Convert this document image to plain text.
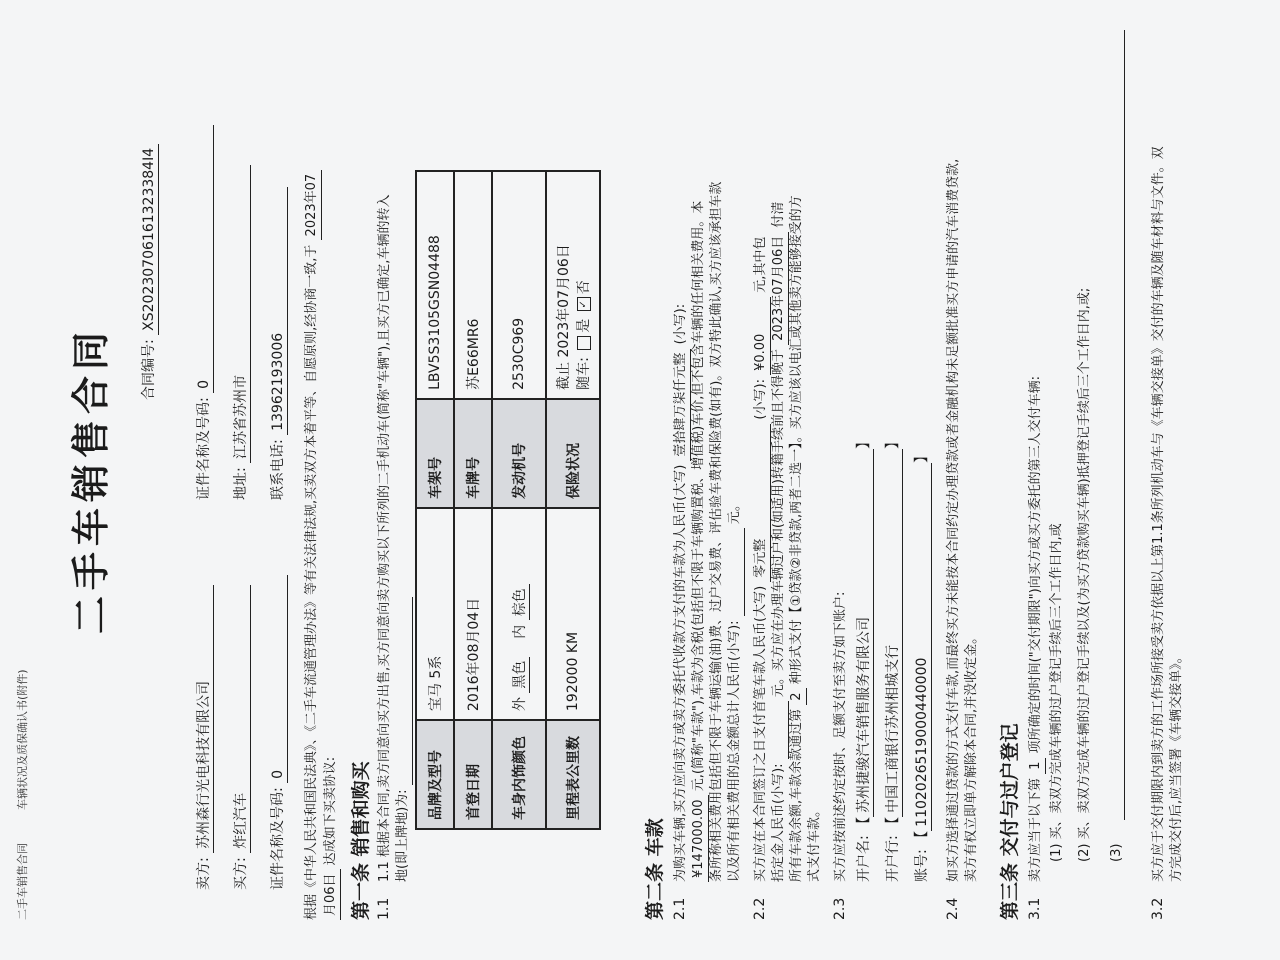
二手车销售合同
车辆状况及质保确认书(附件)
二手车销售合同 合同编号: XS20230706161323384I4
卖方: 苏州森行光电科技有限公司
证件名称及号码: 0
买方: 炸红汽车
地址: 江苏省苏州市
证件名称及号码: 0
联系电话: 13962193006 根据《中华人民共和国民法典》、《二手车流通管理办法》等有关法律法规,买卖双方本着平等、自愿原则,经协商一致,于 2023年07
月06日 达成如下买卖协议: 第一条 销售和购买 1.1
1.1 根据本合同,卖方同意向买方出售,买方同意向卖方购买以下所列的二手机动车(简称"车辆"),且买方已确定,车辆的转入 地(即上牌地)为:
品牌及型号	宝马 5系	车架号	LBV5S3105GSN04488
首登日期	2016年08月04日	车牌号	苏E66MR6
车身内饰颜色	外 黑色    内 棕色	发动机号	2530C969
里程表公里数	192000 KM	保险状况	截止 2023年07月06日 随车: 是 ✓否
第二条 车款 2.1
为购买车辆,买方应向卖方或卖方委托代收款方支付的车款为人民币(大写) 壹拾肆万柒仟元整 (小写):
¥147000.00 元,(简称"车款"),车款为含税(包括但不限于车辆购置税、增值税)车价,但不包含车辆的任何相关费用。本 条所称相关费用包括但不限于车辆运输(油)费、过户交易费、评估验车费和保险费(如有)。双方特此确认,买方应该承担车款 以及所有相关费用的总金额总计人民币(小写):   元。
2.2
买方应在本合同签订之日支付首笔车款人民币(大写) 零元整 (小写): ¥0.00 元,其中包
括定金人民币(小写):   元。买方应在办理车辆过户和(如适用)转籍手续前且不得晚于 2023年07月06日 付清
所有车款余额,车款余款通过第 2 种形式支付【①贷款②非贷款,两者二选一】。买方应该以电汇或其他卖方能够接受的方
式支付车款。
2.3
买方应按前述约定按时、足额支付至卖方如下账户: 开户名: 【苏州捷骏汽车销售服务有限公司】
开户行: 【中国工商银行苏州相城支行】
账号: 【1102026519000440000】
2.4
如买方选择通过贷款的方式支付车款,而最终买方未能按本合同约定办理贷款或者金融机构未足额批准买方申请的汽车消费贷款, 卖方有权立即单方解除本合同,并没收定金。 第三条 交付与过户登记 3.1
卖方应当于以下第 1 项所确定的时间("交付期限")向买方或买方委托的第三人交付车辆: (1) 买、卖双方完成车辆的过户登记手续后三个工作日内,或 (2) 买、卖双方完成车辆的过户登记手续以及(为买方贷款购买车辆)抵押登记手续后三个工作日内,或; (3)
3.2
买方应于交付期限内到卖方的工作场所接受卖方依据以上第1.1条所列机动车与《车辆交接单》交付的车辆及随车材料与文件。双 方完成交付后,应当签署《车辆交接单》。
